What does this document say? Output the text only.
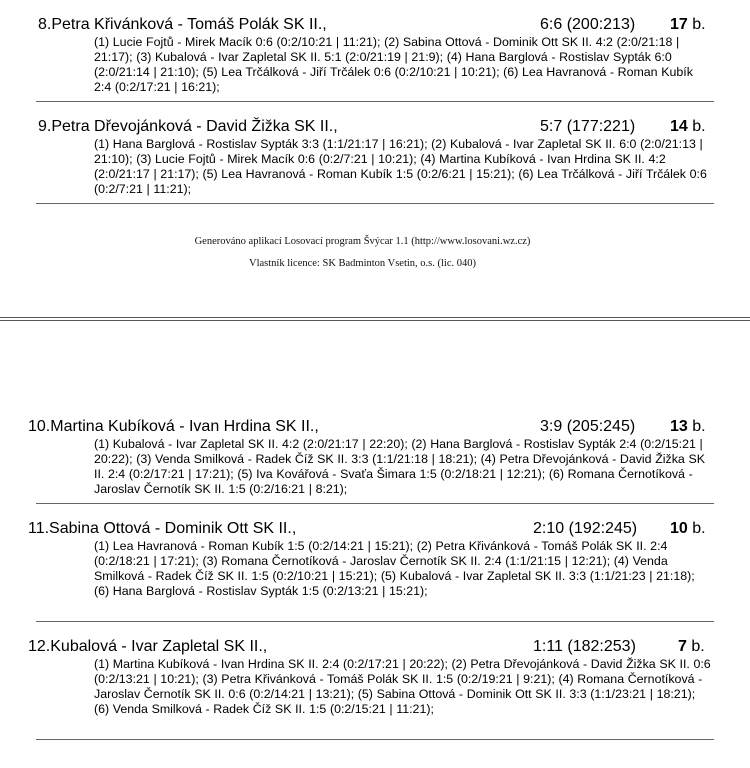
8.Petra Křivánková - Tomáš Polák SK II.,	6:6 (200:213) 17 b.
(1) Lucie Fojtů - Mirek Macík 0:6 (0:2/10:21 | 11:21); (2) Sabina Ottová - Dominik Ott SK II. 4:2 (2:0/21:18 | 21:17); (3) Kubalová - Ivar Zapletal SK II. 5:1 (2:0/21:19 | 21:9); (4) Hana Barglová - Rostislav Sypták 6:0 (2:0/21:14 | 21:10); (5) Lea Trčálková - Jiří Trčálek 0:6 (0:2/10:21 | 10:21); (6) Lea Havranová - Roman Kubík 2:4 (0:2/17:21 | 16:21);
9.Petra Dřevojánková - David Žižka SK II.,	5:7 (177:221) 14 b.
(1) Hana Barglová - Rostislav Sypták 3:3 (1:1/21:17 | 16:21); (2) Kubalová - Ivar Zapletal SK II. 6:0 (2:0/21:13 | 21:10); (3) Lucie Fojtů - Mirek Macík 0:6 (0:2/7:21 | 10:21); (4) Martina Kubíková - Ivan Hrdina SK II. 4:2 (2:0/21:17 | 21:17); (5) Lea Havranová - Roman Kubík 1:5 (0:2/6:21 | 15:21); (6) Lea Trčálková - Jiří Trčálek 0:6 (0:2/7:21 | 11:21);
Generováno aplikací Losovací program Švýcar 1.1 (http://www.losovani.wz.cz)
Vlastník licence: SK Badminton Vsetin, o.s. (lic. 040)
10.Martina Kubíková - Ivan Hrdina SK II.,	3:9 (205:245) 13 b.
(1) Kubalová - Ivar Zapletal SK II. 4:2 (2:0/21:17 | 22:20); (2) Hana Barglová - Rostislav Sypták 2:4 (0:2/15:21 | 20:22); (3) Venda Smilková - Radek Číž SK II. 3:3 (1:1/21:18 | 18:21); (4) Petra Dřevojánková - David Žižka SK II. 2:4 (0:2/17:21 | 17:21); (5) Iva Kovářová - Svaťa Šimara 1:5 (0:2/18:21 | 12:21); (6) Romana Černotíková - Jaroslav Černotík SK II. 1:5 (0:2/16:21 | 8:21);
11.Sabina Ottová - Dominik Ott SK II.,	2:10 (192:245) 10 b.
(1) Lea Havranová - Roman Kubík 1:5 (0:2/14:21 | 15:21); (2) Petra Křivánková - Tomáš Polák SK II. 2:4 (0:2/18:21 | 17:21); (3) Romana Černotíková - Jaroslav Černotík SK II. 2:4 (1:1/21:15 | 12:21); (4) Venda Smilková - Radek Číž SK II. 1:5 (0:2/10:21 | 15:21); (5) Kubalová - Ivar Zapletal SK II. 3:3 (1:1/21:23 | 21:18); (6) Hana Barglová - Rostislav Sypták 1:5 (0:2/13:21 | 15:21);
12.Kubalová - Ivar Zapletal SK II.,	1:11 (182:253)	7 b.
(1) Martina Kubíková - Ivan Hrdina SK II. 2:4 (0:2/17:21 | 20:22); (2) Petra Dřevojánková - David Žižka SK II. 0:6 (0:2/13:21 | 10:21); (3) Petra Křivánková - Tomáš Polák SK II. 1:5 (0:2/19:21 | 9:21); (4) Romana Černotíková - Jaroslav Černotík SK II. 0:6 (0:2/14:21 | 13:21); (5) Sabina Ottová - Dominik Ott SK II. 3:3 (1:1/23:21 | 18:21); (6) Venda Smilková - Radek Číž SK II. 1:5 (0:2/15:21 | 11:21);
